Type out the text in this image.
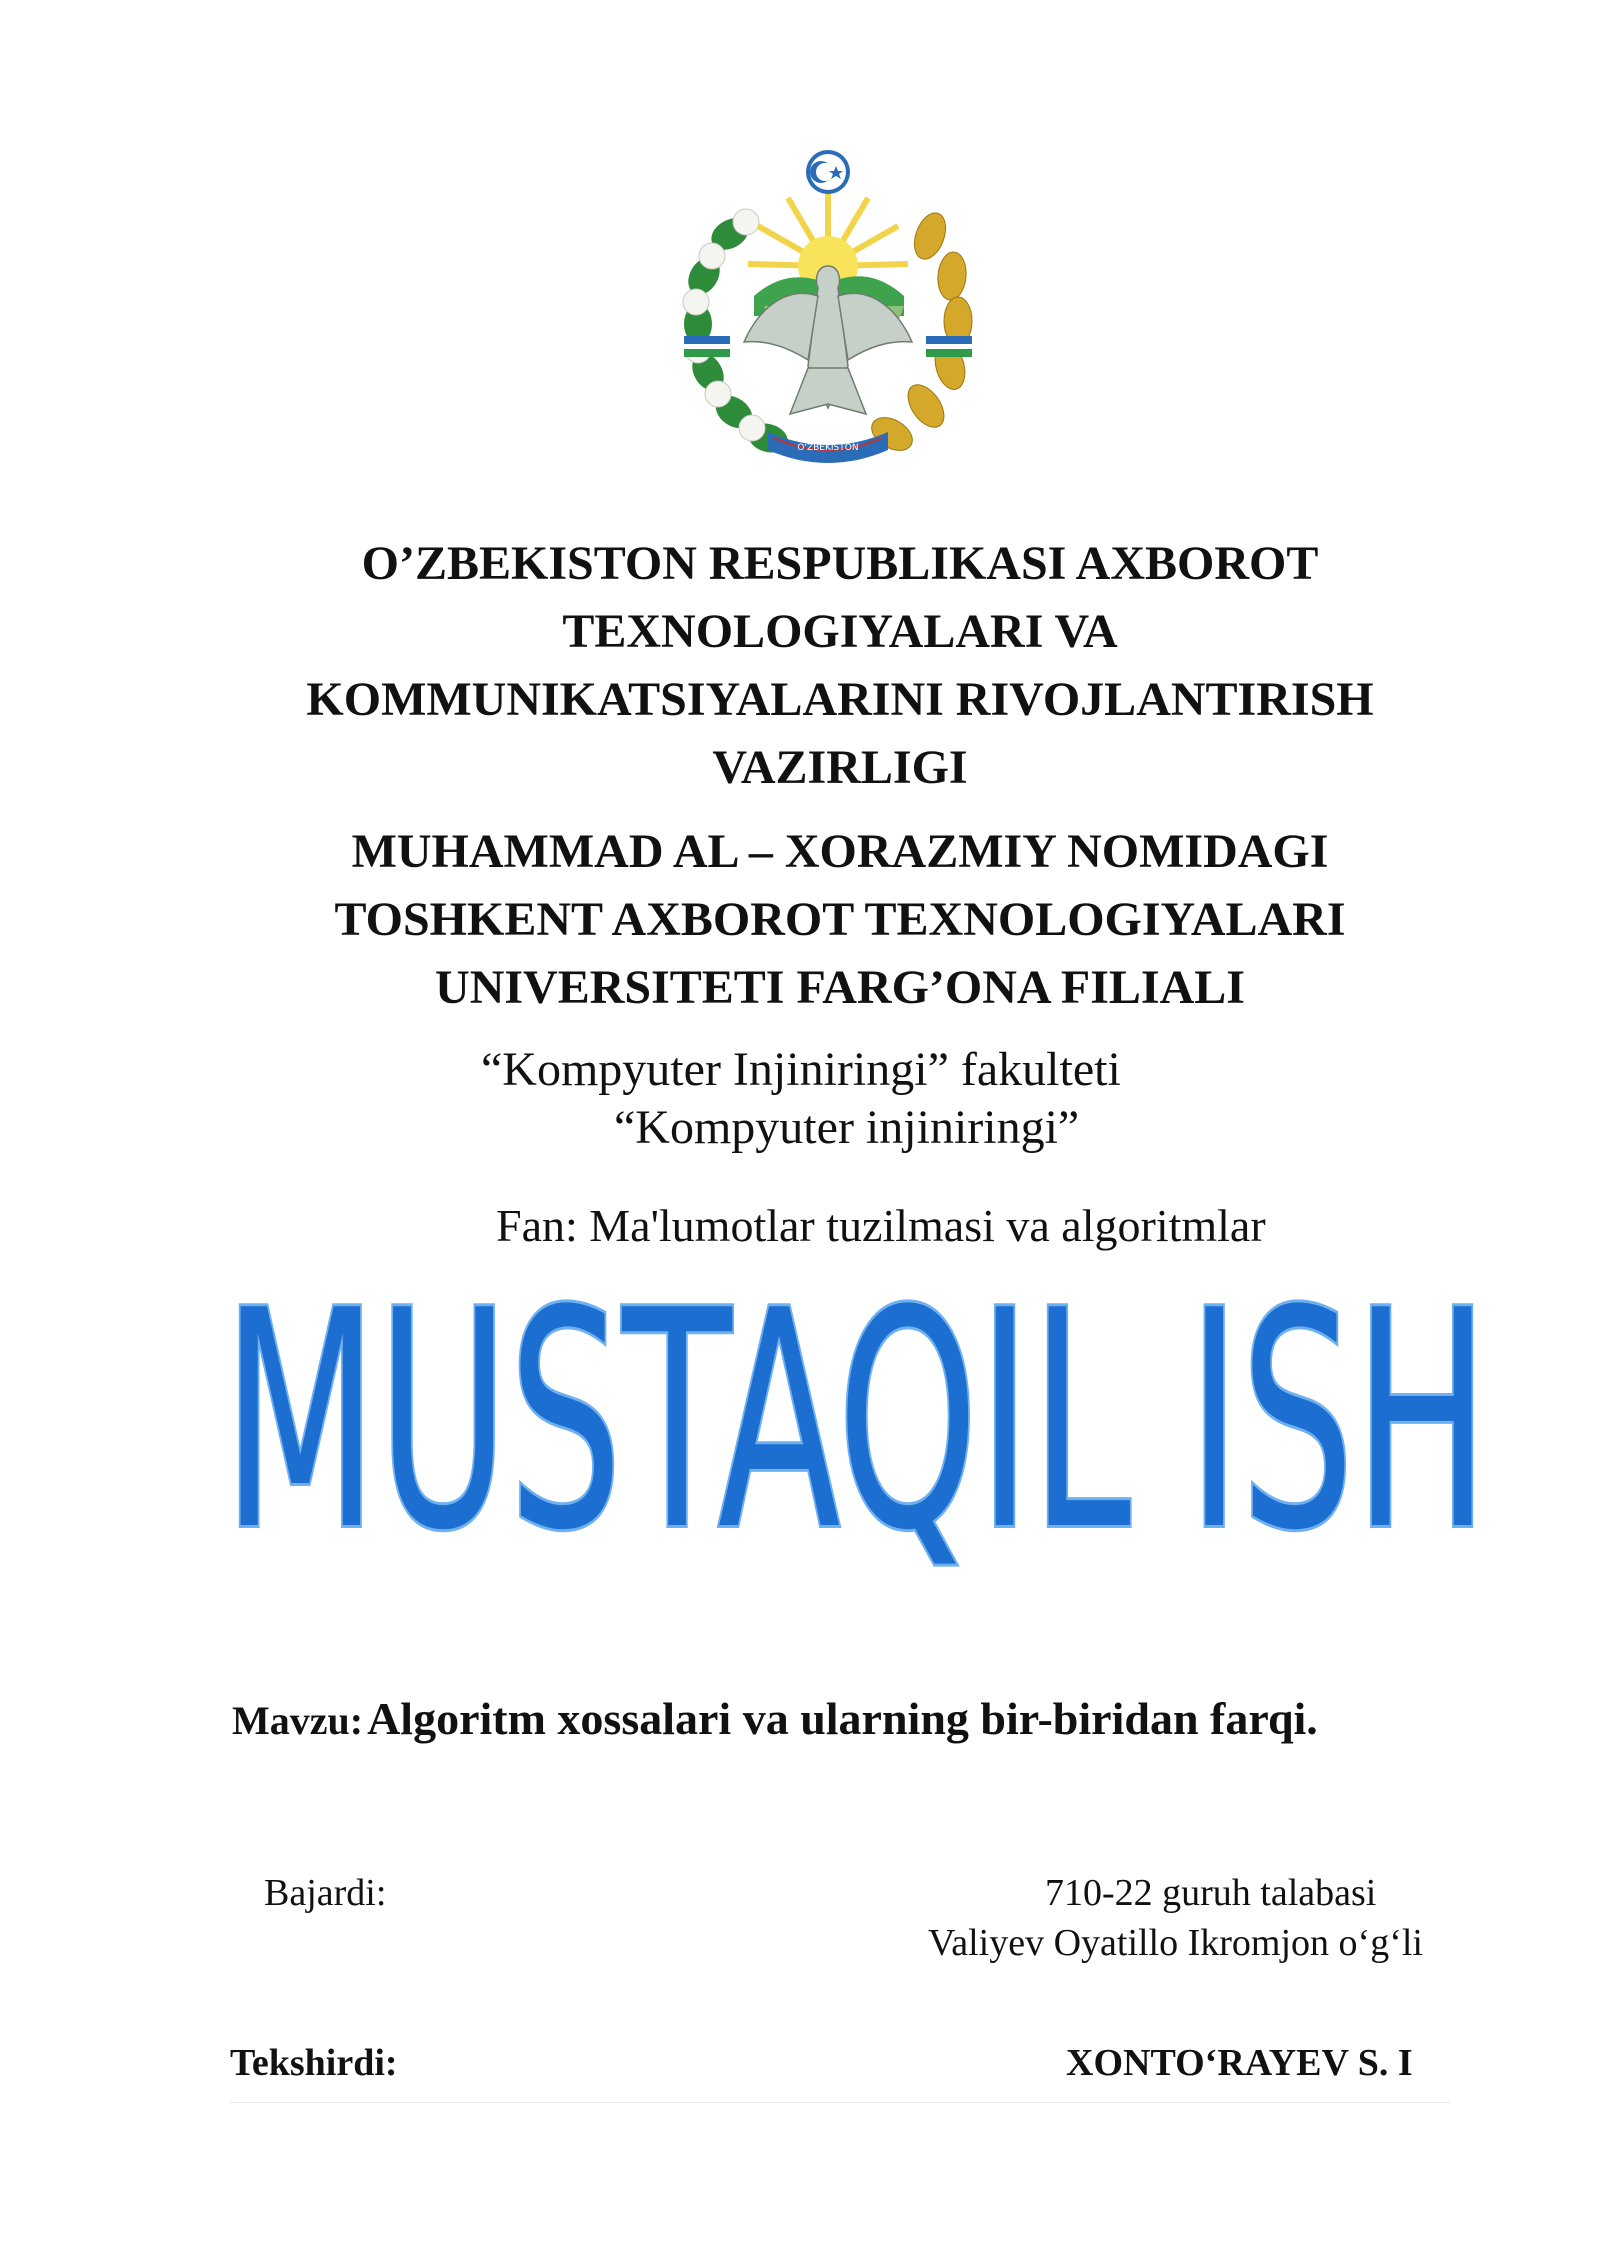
O'ZBEKISTON
O’ZBEKISTON RESPUBLIKASI AXBOROT
TEXNOLOGIYALARI VA
KOMMUNIKATSIYALARINI RIVOJLANTIRISH
VAZIRLIGI
MUHAMMAD AL – XORAZMIY NOMIDAGI
TOSHKENT AXBOROT TEXNOLOGIYALARI
UNIVERSITETI FARG’ONA FILIALI
“Kompyuter Injiniringi” fakulteti
“Kompyuter injiniringi”
Fan: Ma'lumotlar tuzilmasi va algoritmlar
MUSTAQIL ISH
Mavzu: Algoritm xossalari va ularning bir-biridan farqi.
Bajardi:	710-22 guruh talabasi
Valiyev Oyatillo Ikromjon o‘g‘li
Tekshirdi:	XONTO‘RAYEV S. I
